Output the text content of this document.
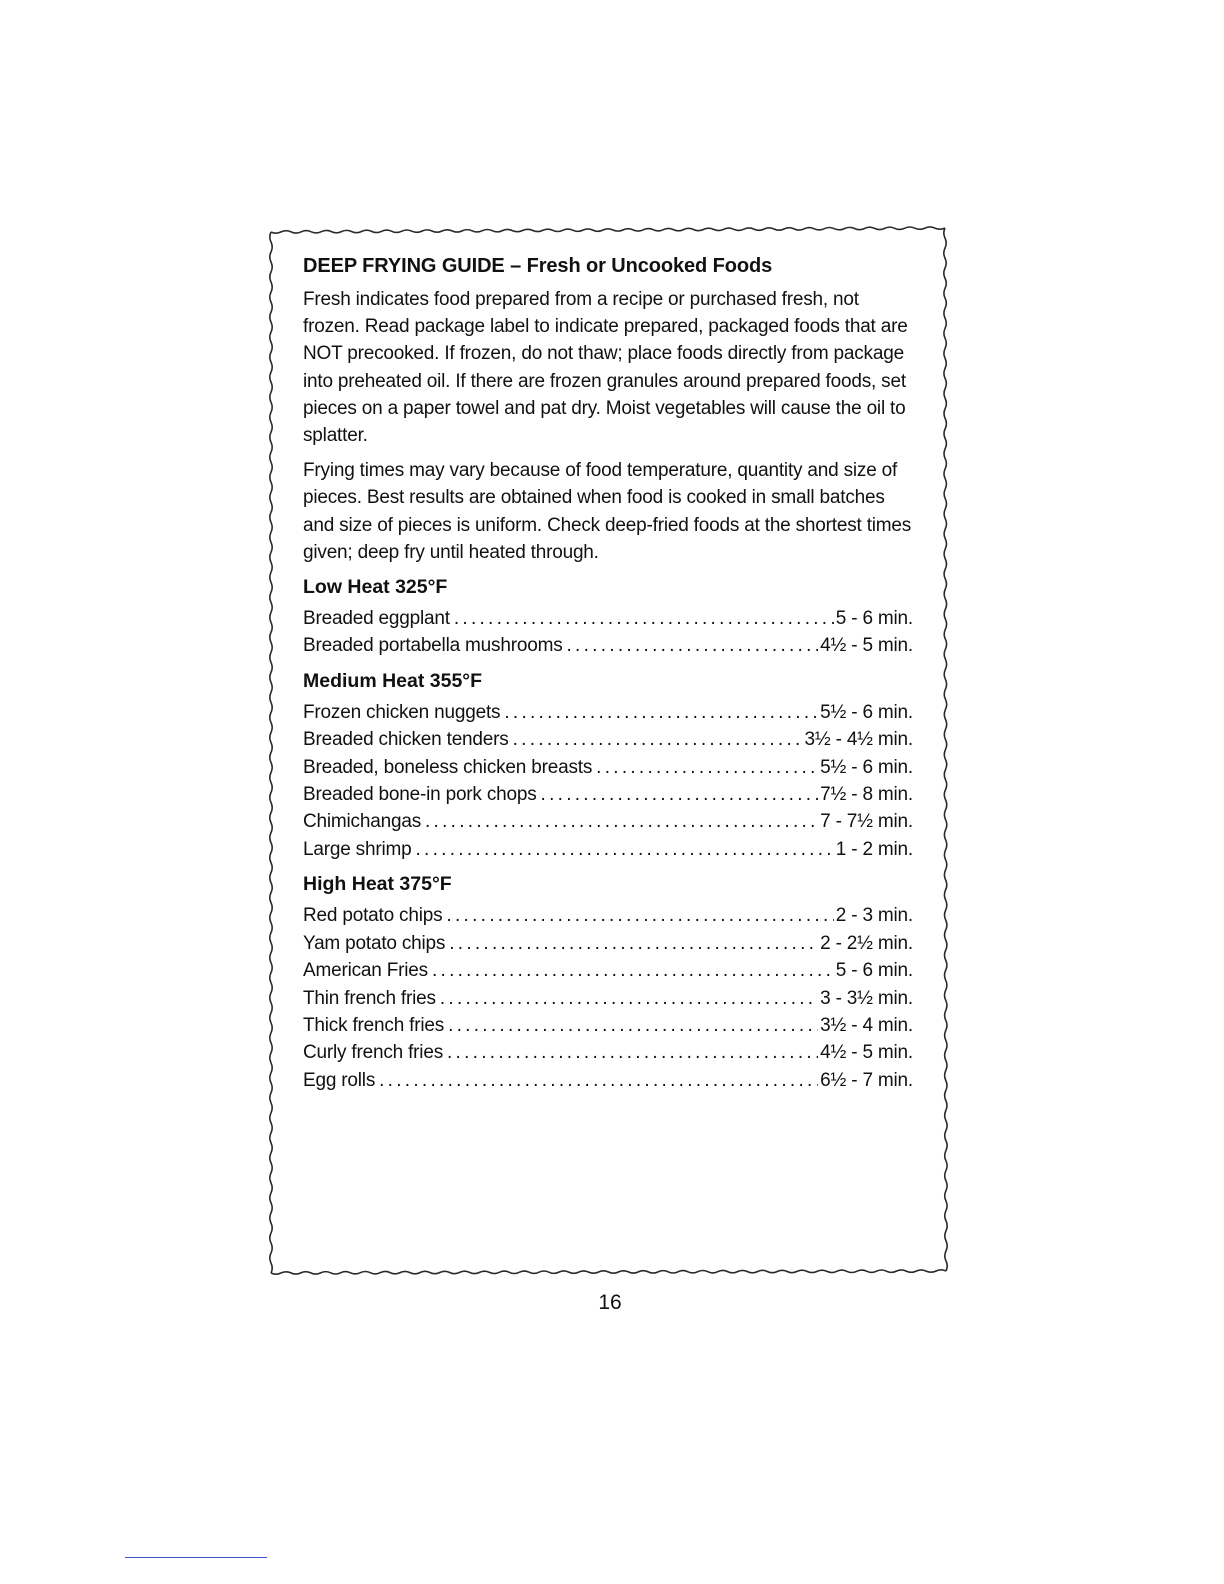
DEEP FRYING GUIDE – Fresh or Uncooked Foods

Fresh indicates food prepared from a recipe or purchased fresh, not frozen. Read package label to indicate prepared, packaged foods that are NOT precooked. If frozen, do not thaw; place foods directly from package into preheated oil. If there are frozen granules around prepared foods, set pieces on a paper towel and pat dry. Moist vegetables will cause the oil to splatter.

Frying times may vary because of food temperature, quantity and size of pieces. Best results are obtained when food is cooked in small batches and size of pieces is uniform. Check deep-fried foods at the shortest times given; deep fry until heated through.

Low Heat 325°F
Breaded eggplant . . .	5 - 6 min.
Breaded portabella mushrooms . . .	4½ - 5 min.
Medium Heat 355°F
Frozen chicken nuggets . . .	5½ - 6 min.
Breaded chicken tenders . . .	3½ - 4½ min.
Breaded, boneless chicken breasts . . .	5½ - 6 min.
Breaded bone-in pork chops . . .	7½ - 8 min.
Chimichangas . . .	7 - 7½ min.
Large shrimp . . .	1 - 2 min.
High Heat 375°F
Red potato chips . . .	2 - 3 min.
Yam potato chips . . .	2 - 2½ min.
American Fries . . .	5 - 6 min.
Thin french fries . . .	3 - 3½ min.
Thick french fries . . .	3½ - 4 min.
Curly french fries . . .	4½ - 5 min.
Egg rolls . . .	6½ - 7 min.
16
